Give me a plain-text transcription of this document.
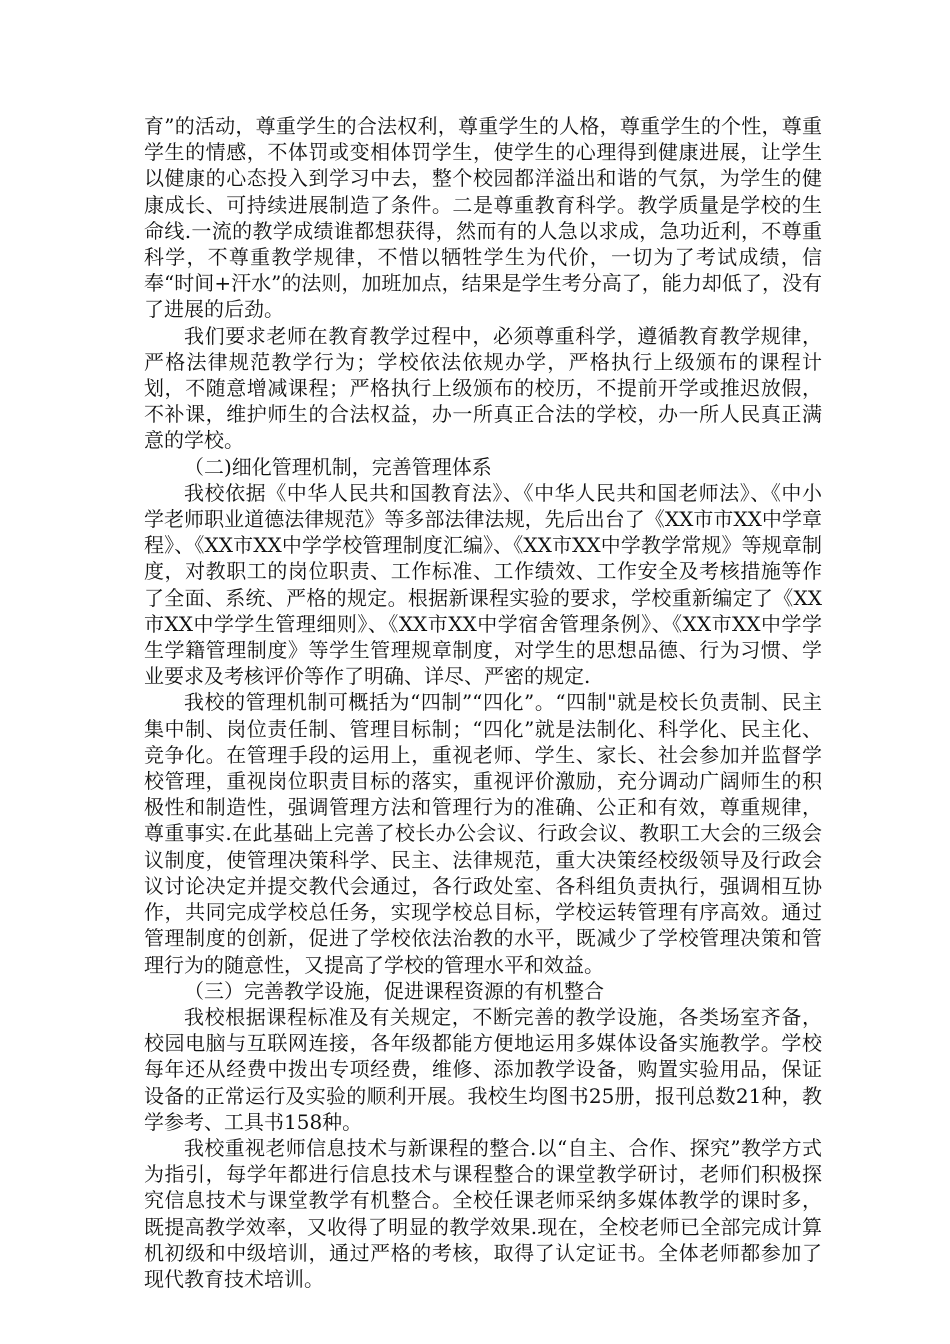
育”的活动，尊重学生的合法权利，尊重学生的人格，尊重学生的个性，尊重学生的情感，不体罚或变相体罚学生，使学生的心理得到健康进展，让学生以健康的心态投入到学习中去，整个校园都洋溢出和谐的气氛，为学生的健康成长、可持续进展制造了条件。二是尊重教育科学。教学质量是学校的生命线.一流的教学成绩谁都想获得，然而有的人急以求成，急功近利，不尊重科学，不尊重教学规律，不惜以牺牲学生为代价，一切为了考试成绩，信奉“时间+汗水”的法则，加班加点，结果是学生考分高了，能力却低了，没有了进展的后劲。

我们要求老师在教育教学过程中，必须尊重科学，遵循教育教学规律，严格法律规范教学行为；学校依法依规办学，严格执行上级颁布的课程计划，不随意增减课程；严格执行上级颁布的校历，不提前开学或推迟放假，不补课，维护师生的合法权益，办一所真正合法的学校，办一所人民真正满意的学校。

（二)细化管理机制，完善管理体系

我校依据《中华人民共和国教育法》、《中华人民共和国老师法》、《中小学老师职业道德法律规范》等多部法律法规，先后出台了《XX市市XX中学章程》、《XX市XX中学学校管理制度汇编》、《XX市XX中学教学常规》等规章制度，对教职工的岗位职责、工作标准、工作绩效、工作安全及考核措施等作了全面、系统、严格的规定。根据新课程实验的要求，学校重新编定了《XX市XX中学学生管理细则》、《XX市XX中学宿舍管理条例》、《XX市XX中学学生学籍管理制度》等学生管理规章制度，对学生的思想品德、行为习惯、学业要求及考核评价等作了明确、详尽、严密的规定.

我校的管理机制可概括为“四制”“四化”。“四制"就是校长负责制、民主集中制、岗位责任制、管理目标制；“四化”就是法制化、科学化、民主化、竞争化。在管理手段的运用上，重视老师、学生、家长、社会参加并监督学校管理，重视岗位职责目标的落实，重视评价激励，充分调动广阔师生的积极性和制造性，强调管理方法和管理行为的准确、公正和有效，尊重规律，尊重事实.在此基础上完善了校长办公会议、行政会议、教职工大会的三级会议制度，使管理决策科学、民主、法律规范，重大决策经校级领导及行政会议讨论决定并提交教代会通过，各行政处室、各科组负责执行，强调相互协作，共同完成学校总任务，实现学校总目标，学校运转管理有序高效。通过管理制度的创新，促进了学校依法治教的水平，既减少了学校管理决策和管理行为的随意性，又提高了学校的管理水平和效益。

（三）完善教学设施，促进课程资源的有机整合

我校根据课程标准及有关规定，不断完善的教学设施，各类场室齐备，校园电脑与互联网连接，各年级都能方便地运用多媒体设备实施教学。学校每年还从经费中拨出专项经费，维修、添加教学设备，购置实验用品，保证设备的正常运行及实验的顺利开展。我校生均图书25册，报刊总数21种，教学参考、工具书158种。

我校重视老师信息技术与新课程的整合.以“自主、合作、探究”教学方式为指引，每学年都进行信息技术与课程整合的课堂教学研讨，老师们积极探究信息技术与课堂教学有机整合。全校任课老师采纳多媒体教学的课时多，既提高教学效率，又收得了明显的教学效果.现在，全校老师已全部完成计算机初级和中级培训，通过严格的考核，取得了认定证书。全体老师都参加了现代教育技术培训。
